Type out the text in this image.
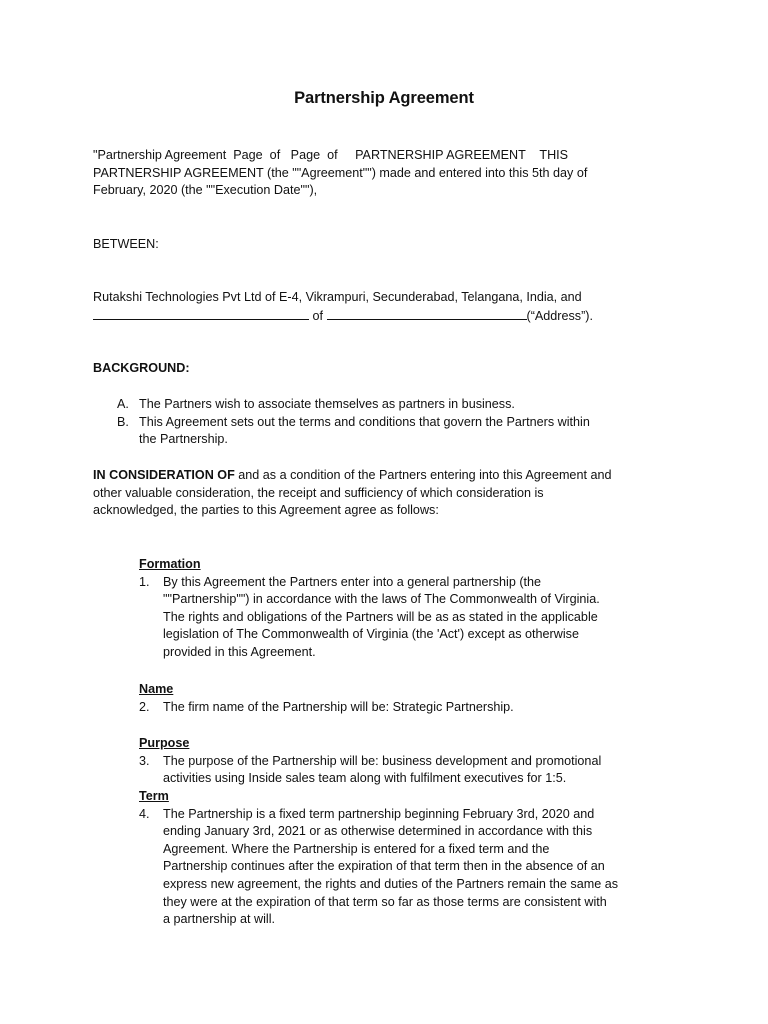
Partnership Agreement
"Partnership Agreement  Page  of   Page  of     PARTNERSHIP AGREEMENT    THIS
PARTNERSHIP AGREEMENT (the ""Agreement"") made and entered into this 5th day of
February, 2020 (the ""Execution Date""),
BETWEEN:
Rutakshi Technologies Pvt Ltd of E-4, Vikrampuri, Secunderabad, Telangana, India, and
of	(“Address”).
BACKGROUND:
A. The Partners wish to associate themselves as partners in business.
B. This Agreement sets out the terms and conditions that govern the Partners within
the Partnership.
IN CONSIDERATION OF and as a condition of the Partners entering into this Agreement and
other valuable consideration, the receipt and sufficiency of which consideration is
acknowledged, the parties to this Agreement agree as follows:
Formation
1. By this Agreement the Partners enter into a general partnership (the
""Partnership"") in accordance with the laws of The Commonwealth of Virginia.
The rights and obligations of the Partners will be as as stated in the applicable
legislation of The Commonwealth of Virginia (the 'Act') except as otherwise
provided in this Agreement.
Name
2. The firm name of the Partnership will be: Strategic Partnership.
Purpose
3. The purpose of the Partnership will be: business development and promotional
activities using Inside sales team along with fulfilment executives for 1:5.
Term
4. The Partnership is a fixed term partnership beginning February 3rd, 2020 and
ending January 3rd, 2021 or as otherwise determined in accordance with this
Agreement. Where the Partnership is entered for a fixed term and the
Partnership continues after the expiration of that term then in the absence of an
express new agreement, the rights and duties of the Partners remain the same as
they were at the expiration of that term so far as those terms are consistent with
a partnership at will.
